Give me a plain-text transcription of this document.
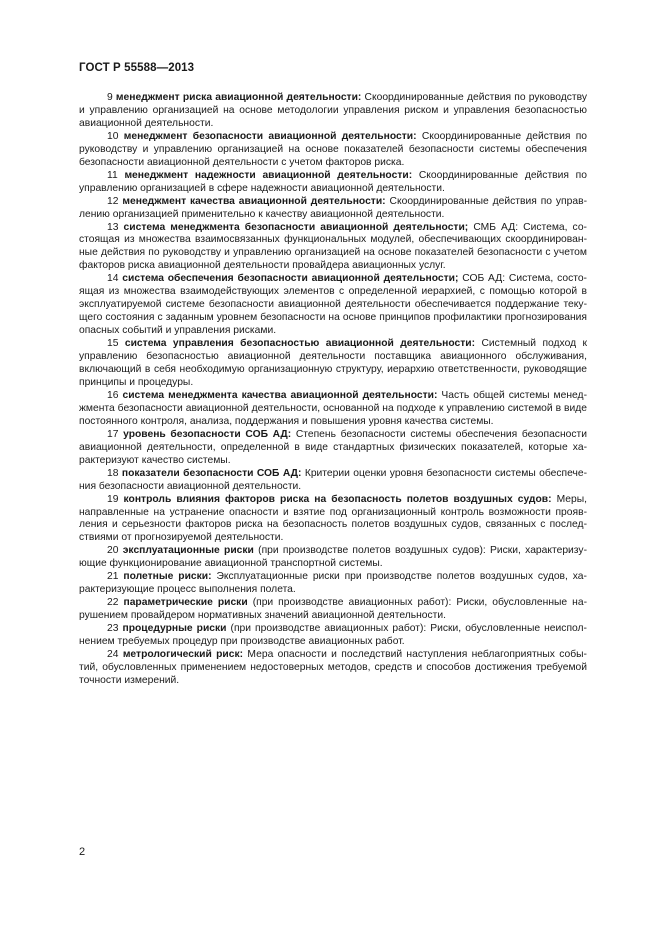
ГОСТ Р 55588—2013

9 менеджмент риска авиационной деятельности: Скоординированные действия по руководству и управлению организацией на основе методологии управления риском и управления безопасностью авиационной деятельности.

10 менеджмент безопасности авиационной деятельности: Скоординированные действия по руководству и управлению организацией на основе показателей безопасности системы обеспечения безопасности авиационной деятельности с учетом факторов риска.

11 менеджмент надежности авиационной деятельности: Скоординированные действия по управлению организацией в сфере надежности авиационной деятельности.

12 менеджмент качества авиационной деятельности: Скоординированные действия по управлению организацией применительно к качеству авиационной деятельности.

13 система менеджмента безопасности авиационной деятельности; СМБ АД: Система, состоящая из множества взаимосвязанных функциональных модулей, обеспечивающих скоординированные действия по руководству и управлению организацией на основе показателей безопасности с учетом факторов риска авиационной деятельности провайдера авиационных услуг.

14 система обеспечения безопасности авиационной деятельности; СОБ АД: Система, состоящая из множества взаимодействующих элементов с определенной иерархией, с помощью которой в эксплуатируемой системе безопасности авиационной деятельности обеспечивается поддержание текущего состояния с заданным уровнем безопасности на основе принципов профилактики прогнозирования опасных событий и управления рисками.

15 система управления безопасностью авиационной деятельности: Системный подход к управлению безопасностью авиационной деятельности поставщика авиационного обслуживания, включающий в себя необходимую организационную структуру, иерархию ответственности, руководящие принципы и процедуры.

16 система менеджмента качества авиационной деятельности: Часть общей системы менеджмента безопасности авиационной деятельности, основанной на подходе к управлению системой в виде постоянного контроля, анализа, поддержания и повышения уровня качества системы.

17 уровень безопасности СОБ АД: Степень безопасности системы обеспечения безопасности авиационной деятельности, определенной в виде стандартных физических показателей, которые характеризуют качество системы.

18 показатели безопасности СОБ АД: Критерии оценки уровня безопасности системы обеспечения безопасности авиационной деятельности.

19 контроль влияния факторов риска на безопасность полетов воздушных судов: Меры, направленные на устранение опасности и взятие под организационный контроль возможности проявления и серьезности факторов риска на безопасность полетов воздушных судов, связанных с последствиями от прогнозируемой деятельности.

20 эксплуатационные риски (при производстве полетов воздушных судов): Риски, характеризующие функционирование авиационной транспортной системы.

21 полетные риски: Эксплуатационные риски при производстве полетов воздушных судов, характеризующие процесс выполнения полета.

22 параметрические риски (при производстве авиационных работ): Риски, обусловленные нарушением провайдером нормативных значений авиационной деятельности.

23 процедурные риски (при производстве авиационных работ): Риски, обусловленные неисполнением требуемых процедур при производстве авиационных работ.

24 метрологический риск: Мера опасности и последствий наступления неблагоприятных событий, обусловленных применением недостоверных методов, средств и способов достижения требуемой точности измерений.

2
